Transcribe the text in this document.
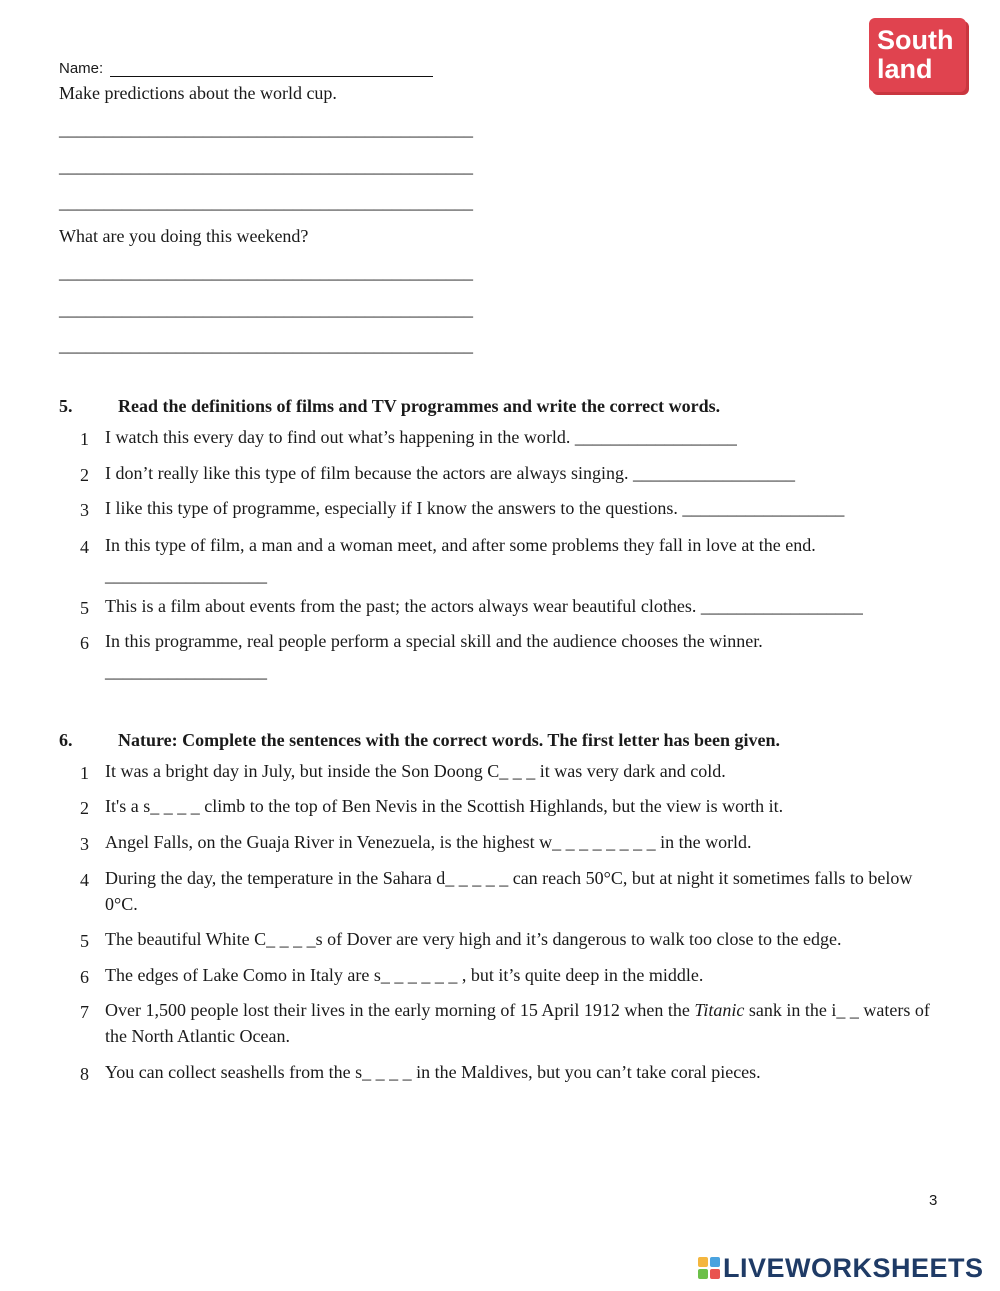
South
land
Name:
Make predictions about the world cup.
______________________________________________
______________________________________________
______________________________________________
What are you doing this weekend?
______________________________________________
______________________________________________
______________________________________________
5.	Read the definitions of films and TV programmes and write the correct words.
1 I watch this every day to find out what’s happening in the world. __________________
2 I don’t really like this type of film because the actors are always singing. __________________
3 I like this type of programme, especially if I know the answers to the questions. __________________
4 In this type of film, a man and a woman meet, and after some problems they fall in love at the end.
__________________
5 This is a film about events from the past; the actors always wear beautiful clothes. __________________
6 In this programme, real people perform a special skill and the audience chooses the winner.
__________________
6.	Nature: Complete the sentences with the correct words. The first letter has been given.
1 It was a bright day in July, but inside the Son Doong C_ _ _ it was very dark and cold.
2 It's a s_ _ _ _ climb to the top of Ben Nevis in the Scottish Highlands, but the view is worth it.
3 Angel Falls, on the Guaja River in Venezuela, is the highest w_ _ _ _ _ _ _ _ in the world.
4 During the day, the temperature in the Sahara d_ _ _ _ _ can reach 50°C, but at night it sometimes falls to below 0°C.
5 The beautiful White C_ _ _ _s of Dover are very high and it’s dangerous to walk too close to the edge.
6 The edges of Lake Como in Italy are s_ _ _ _ _ _ , but it’s quite deep in the middle.
7 Over 1,500 people lost their lives in the early morning of 15 April 1912 when the Titanic sank in the i_ _ waters of the North Atlantic Ocean.
8 You can collect seashells from the s_ _ _ _ in the Maldives, but you can’t take coral pieces.
3
LIVEWORKSHEETS
